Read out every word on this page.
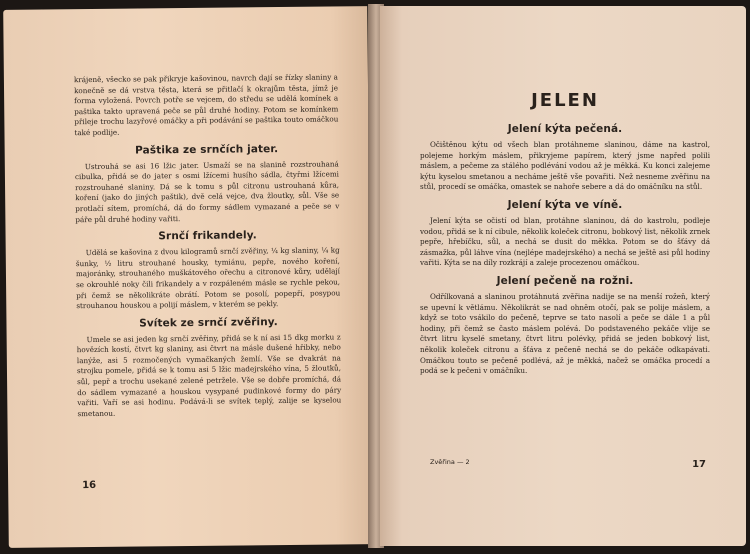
krájeně, všecko se pak přikryje kašovinou, navrch dají se řízky slaniny a konečně se dá vrstva těsta, která se přitlačí k okrajům těsta, jímž je forma vyložená. Povrch potře se vejcem, do středu se udělá komínek a paštika takto upravená peče se půl druhé hodiny. Potom se komínkem přileje trochu lazyřové omáčky a při podávání se paštika touto omáčkou také podlije.

Paštika ze srnčích jater.

Ustrouhá se asi 16 lžic jater. Usmaží se na slanině rozstrouhaná cibulka, přidá se do jater s osmi lžícemi husího sádla, čtyřmi lžícemi rozstrouhané slaniny. Dá se k tomu s půl citronu ustrouhaná kůra, koření (jako do jiných paštik), dvě celá vejce, dva žloutky, sůl. Vše se protlačí sítem, promíchá, dá do formy sádlem vymazané a peče se v páře půl druhé hodiny vařiti.

Srnčí frikandely.

Udělá se kašovina z dvou kilogramů srnčí zvěřiny, ¼ kg slaniny, ¼ kg šunky, ½ litru strouhané housky, tymiánu, pepře, nového koření, majoránky, strouhaného muškátového ořechu a citronové kůry, udělají se okrouhlé noky čili frikandely a v rozpáleném másle se rychle pekou, při čemž se několikráte obrátí. Potom se posolí, popepří, posypou strouhanou houskou a polijí máslem, v kterém se pekly.

Svítek ze srnčí zvěřiny.

Umele se asi jeden kg srnčí zvěřiny, přidá se k ní asi 15 dkg morku z hovězích kostí, čtvrt kg slaniny, asi čtvrt na másle dušené hřibky, nebo lanýže, asi 5 rozmočených vymačkaných žemlí. Vše se dvakrát na strojku pomele, přidá se k tomu asi 5 lžic madejrského vína, 5 žloutků, sůl, pepř a trochu usekané zelené petržele. Vše se dobře promíchá, dá do sádlem vymazané a houskou vysypané pudinkové formy do páry vařiti. Vaří se asi hodinu. Podává-li se svítek teplý, zalije se kyselou smetanou.

16
JELEN
Jelení kýta pečená.

Očištěnou kýtu od všech blan protáhneme slaninou, dáme na kastrol, polejeme horkým máslem, přikryjeme papírem, který jsme napřed polili máslem, a pečeme za stálého podlévání vodou až je měkká. Ku konci zalejeme kýtu kyselou smetanou a necháme ještě vše povařiti. Než nesneme zvěřinu na stůl, procedí se omáčka, omastek se nahoře sebere a dá do omáčníku na stůl.

Jelení kýta ve víně.

Jelení kýta se očistí od blan, protáhne slaninou, dá do kastrolu, podleje vodou, přidá se k ní cibule, několik koleček citronu, bobkový list, několik zrnek pepře, hřebíčku, sůl, a nechá se dusit do měkka. Potom se do šťávy dá zásmažka, půl láhve vína (nejlépe madejrského) a nechá se ještě asi půl hodiny vařiti. Kýta se na díly rozkrájí a zaleje procezenou omáčkou.

Jelení pečeně na rožni.

Odřílkovaná a slaninou protáhnutá zvěřina nadije se na menší rožeň, který se upevní k větlámu. Několikrát se nad ohněm otočí, pak se polije máslem, a když se toto vsákilo do pečeně, teprve se tato nasolí a peče se dále 1 a půl hodiny, při čemž se často máslem polévá. Do podstaveného pekáče vlije se čtvrt litru kyselé smetany, čtvrt litru polévky, přidá se jeden bobkový list, několik koleček citronu a šťáva z pečeně nechá se do pekáče odkapávati. Omáčkou touto se pečeně podlévá, až je měkká, načež se omáčka procedí a podá se k pečeni v omáčníku.

Zvěřina — 2	17
